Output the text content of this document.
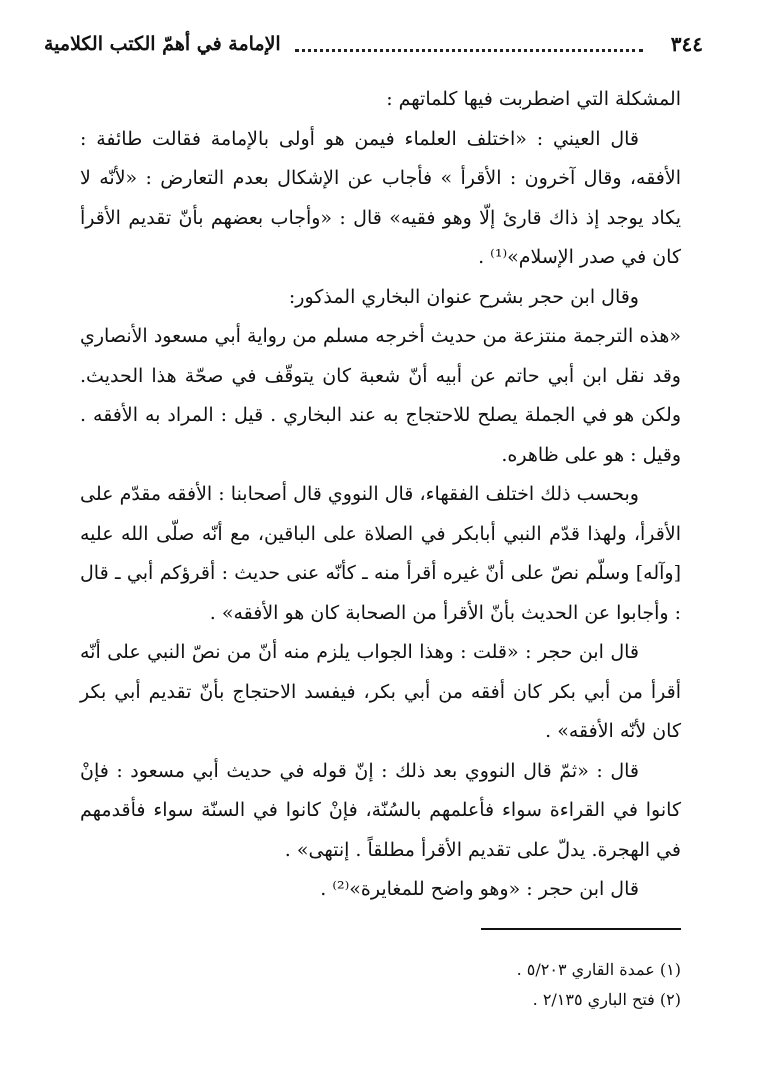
٣٤٤
الإمامة في أهمّ الكتب الكلامية

المشكلة التي اضطربت فيها كلماتهم :

قال العيني : «اختلف العلماء فيمن هو أولى بالإمامة فقالت طائفة : الأفقه، وقال آخرون : الأقرأ » فأجاب عن الإشكال بعدم التعارض : «لأنّه لا يكاد يوجد إذ ذاك قارئ إلّا وهو فقيه» قال : «وأجاب بعضهم بأنّ تقديم الأقرأ كان في صدر الإسلام»⁽¹⁾ .

وقال ابن حجر بشرح عنوان البخاري المذكور:

«هذه الترجمة منتزعة من حديث أخرجه مسلم من رواية أبي مسعود الأنصاري وقد نقل ابن أبي حاتم عن أبيه أنّ شعبة كان يتوقّف في صحّة هذا الحديث. ولكن هو في الجملة يصلح للاحتجاج به عند البخاري . قيل : المراد به الأفقه . وقيل : هو على ظاهره.

وبحسب ذلك اختلف الفقهاء، قال النووي قال أصحابنا : الأفقه مقدّم على الأقرأ، ولهذا قدّم النبي أبابكر في الصلاة على الباقين، مع أنّه صلّى الله عليه [وآله] وسلّم نصّ على أنّ غيره أقرأ منه ـ كأنّه عنى حديث : أقرؤكم أبي ـ قال : وأجابوا عن الحديث بأنّ الأقرأ من الصحابة كان هو الأفقه» .

قال ابن حجر : «قلت : وهذا الجواب يلزم منه أنّ من نصّ النبي على أنّه أقرأ من أبي بكر كان أفقه من أبي بكر، فيفسد الاحتجاج بأنّ تقديم أبي بكر كان لأنّه الأفقه» .

قال : «ثمّ قال النووي بعد ذلك : إنّ قوله في حديث أبي مسعود : فإنْ كانوا في القراءة سواء فأعلمهم بالسُنّة، فإنْ كانوا في السنّة سواء فأقدمهم في الهجرة. يدلّ على تقديم الأقرأ مطلقاً . إنتهى» .

قال ابن حجر : «وهو واضح للمغايرة»⁽²⁾ .

(١) عمدة القاري ٥/٢٠٣ .

(٢) فتح الباري ٢/١٣٥ .
